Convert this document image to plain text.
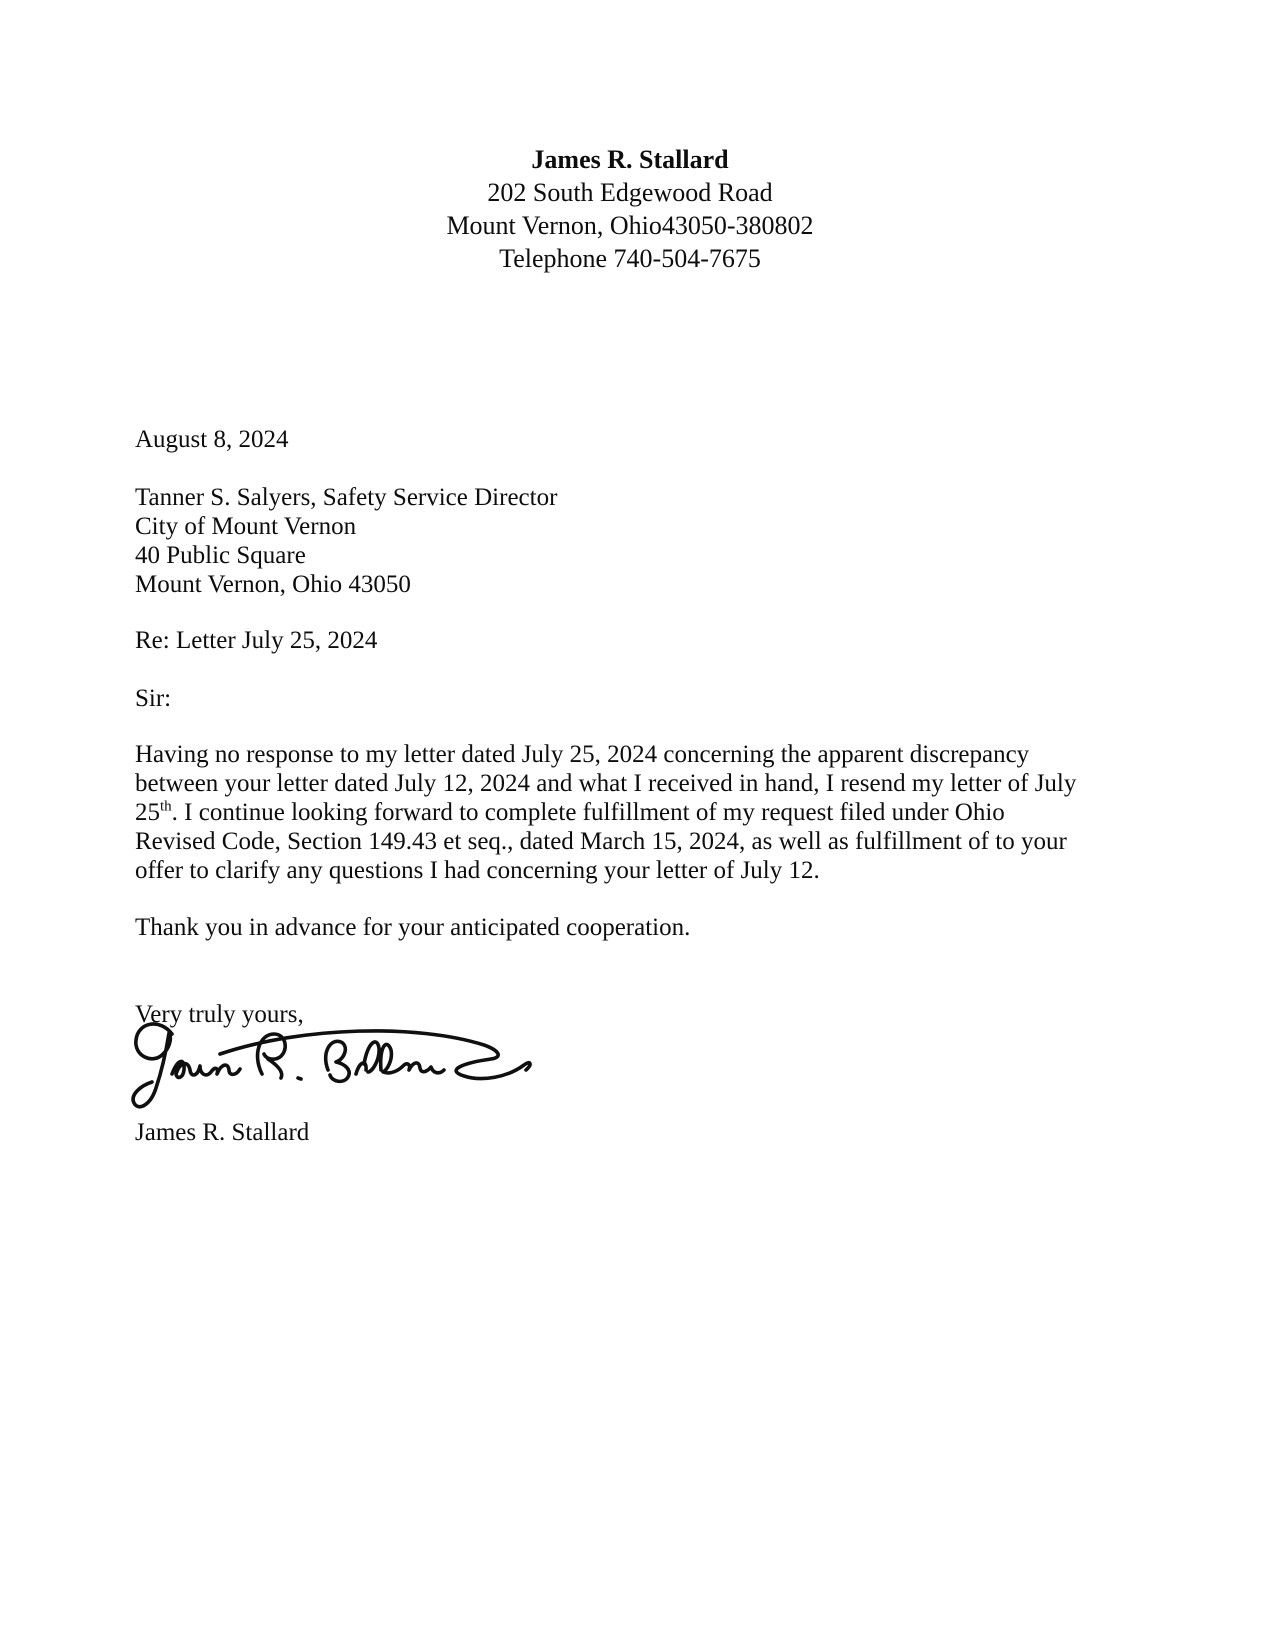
James R. Stallard
202 South Edgewood Road
Mount Vernon, Ohio43050-380802
Telephone 740-504-7675
August 8, 2024
Tanner S. Salyers, Safety Service Director
City of Mount Vernon
40 Public Square
Mount Vernon, Ohio 43050
Re: Letter July 25, 2024
Sir:
Having no response to my letter dated July 25, 2024 concerning the apparent discrepancy between your letter dated July 12, 2024 and what I received in hand, I resend my letter of July 25th. I continue looking forward to complete fulfillment of my request filed under Ohio Revised Code, Section 149.43 et seq., dated March 15, 2024, as well as fulfillment of to your offer to clarify any questions I had concerning your letter of July 12.
Thank you in advance for your anticipated cooperation.
Very truly yours,
James R. Stallard
